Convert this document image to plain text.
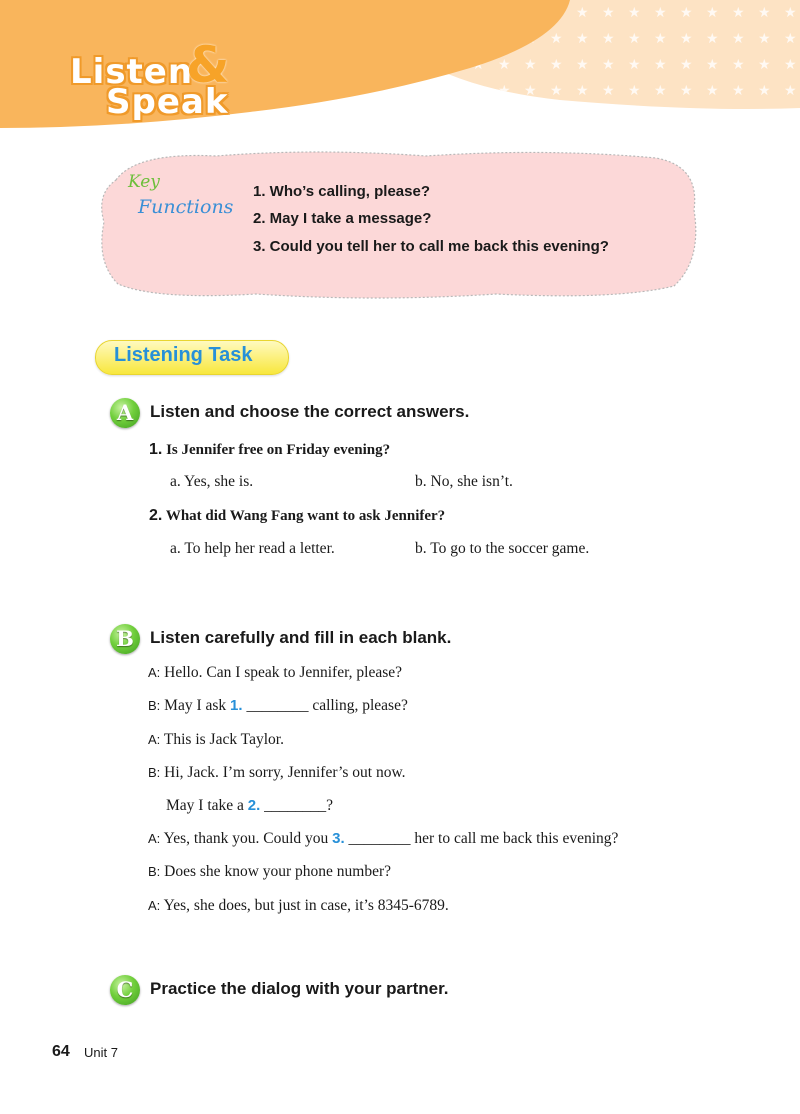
Listen
&
Speak
Key
Functions
1. Who’s calling, please?
2. May I take a message?
3. Could you tell her to call me back this evening?
Listening Task
A Listen and choose the correct answers.
1. Is Jennifer free on Friday evening?
a. Yes, she is.	b. No, she isn’t.
2. What did Wang Fang want to ask Jennifer?
a. To help her read a letter.	b. To go to the soccer game.
B Listen carefully and fill in each blank.
A: Hello. Can I speak to Jennifer, please?
B: May I ask 1. ________ calling, please?
A: This is Jack Taylor.
B: Hi, Jack. I’m sorry, Jennifer’s out now.
May I take a 2. ________?
A: Yes, thank you. Could you 3. ________ her to call me back this evening?
B: Does she know your phone number?
A: Yes, she does, but just in case, it’s 8345-6789.
C Practice the dialog with your partner.
64 Unit 7
